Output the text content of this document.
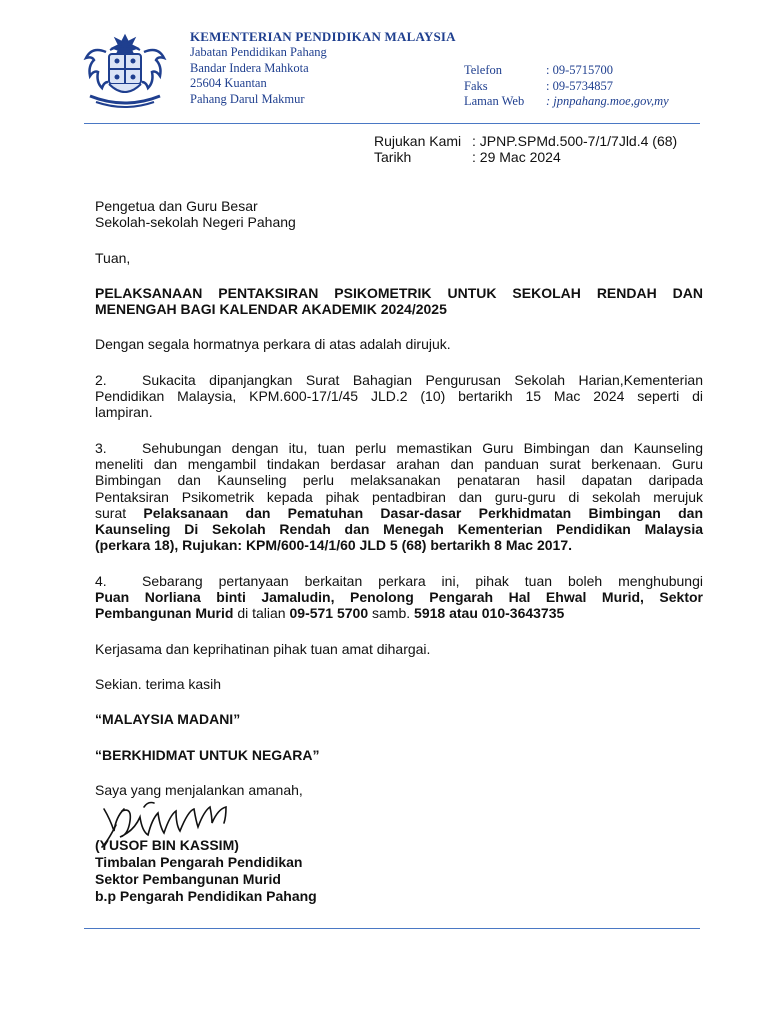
KEMENTERIAN PENDIDIKAN MALAYSIA
Jabatan Pendidikan Pahang
Bandar Indera Mahkota
25604 Kuantan
Pahang Darul Makmur
Telefon	: 09-5715700
Faks	: 09-5734857
Laman Web	: jpnpahang.moe,gov,my
Rujukan Kami : JPNP.SPMd.500-7/1/7Jld.4 (68)
Tarikh	: 29 Mac 2024

Pengetua dan Guru Besar

Sekolah-sekolah Negeri Pahang

Tuan,

PELAKSANAAN PENTAKSIRAN PSIKOMETRIK UNTUK SEKOLAH RENDAH DAN

MENENGAH BAGI KALENDAR AKADEMIK 2024/2025

Dengan segala hormatnya perkara di atas adalah dirujuk.

2.	Sukacita dipanjangkan Surat Bahagian Pengurusan Sekolah Harian,Kementerian

Pendidikan Malaysia, KPM.600-17/1/45 JLD.2 (10) bertarikh 15 Mac 2024 seperti di

lampiran.

3.	Sehubungan dengan itu, tuan perlu memastikan Guru Bimbingan dan Kaunseling

meneliti dan mengambil tindakan berdasar arahan dan panduan surat berkenaan. Guru

Bimbingan dan Kaunseling perlu melaksanakan penataran hasil dapatan daripada

Pentaksiran Psikometrik kepada pihak pentadbiran dan guru-guru di sekolah merujuk

surat Pelaksanaan dan Pematuhan Dasar-dasar Perkhidmatan Bimbingan dan

Kaunseling Di Sekolah Rendah dan Menegah Kementerian Pendidikan Malaysia

(perkara 18), Rujukan: KPM/600-14/1/60 JLD 5 (68) bertarikh 8 Mac 2017.

4.	Sebarang pertanyaan berkaitan perkara ini, pihak tuan boleh menghubungi

Puan Norliana binti Jamaludin, Penolong Pengarah Hal Ehwal Murid, Sektor

Pembangunan Murid di talian 09-571 5700 samb. 5918 atau 010-3643735

Kerjasama dan keprihatinan pihak tuan amat dihargai.

Sekian. terima kasih

“MALAYSIA MADANI”

“BERKHIDMAT UNTUK NEGARA”

Saya yang menjalankan amanah,

(YUSOF BIN KASSIM)
Timbalan Pengarah Pendidikan
Sektor Pembangunan Murid
b.p Pengarah Pendidikan Pahang
